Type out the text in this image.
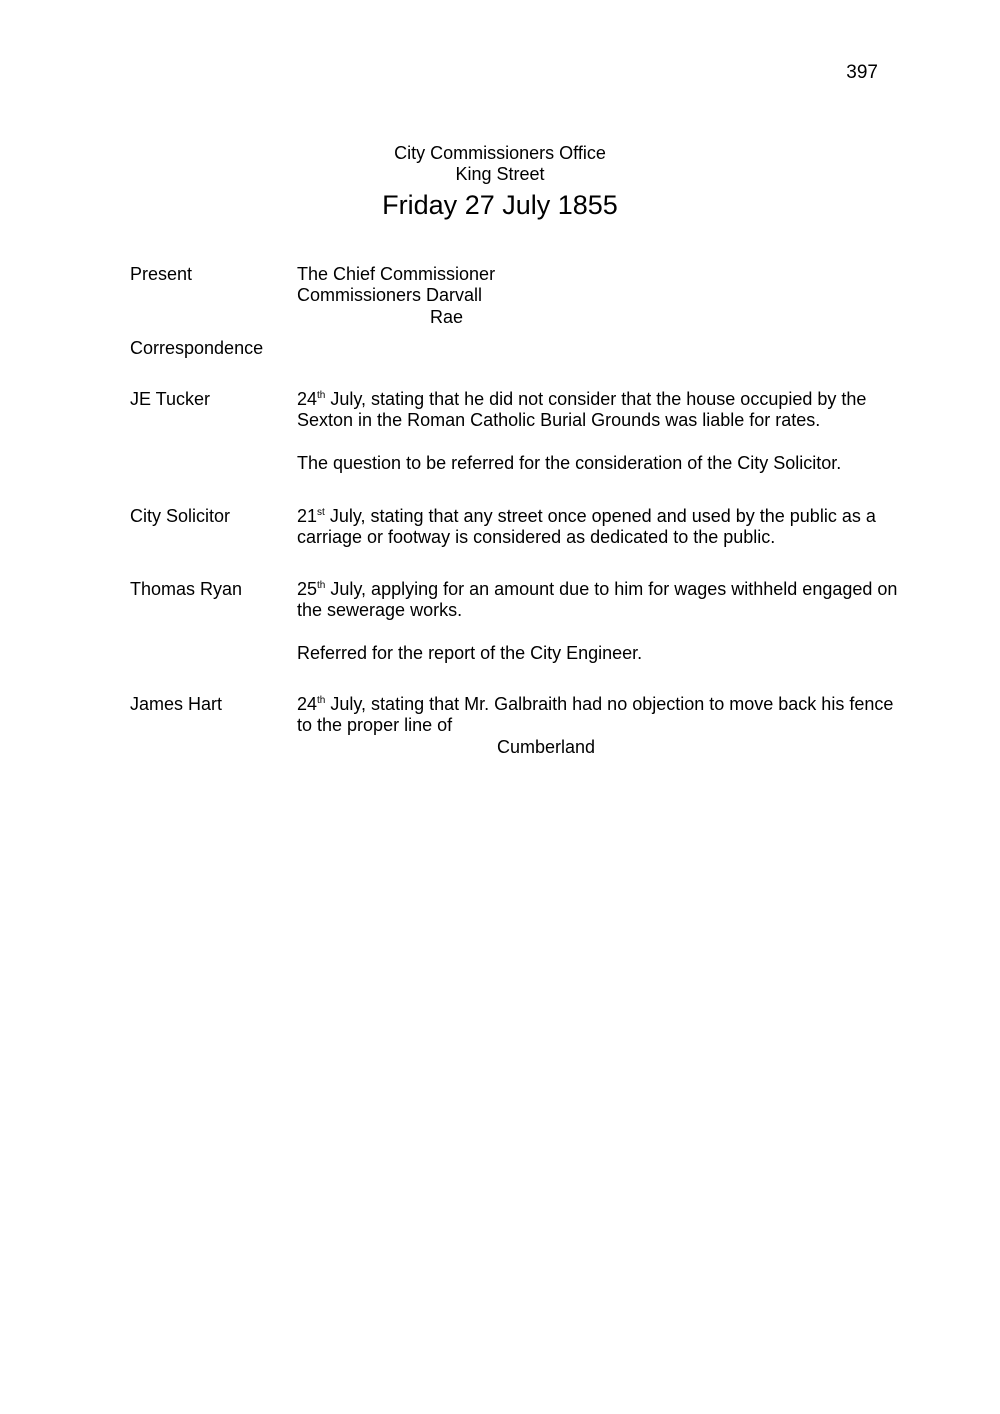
397
City Commissioners Office
King Street
Friday 27 July 1855
Present	The Chief Commissioner
Commissioners Darvall
Rae
Correspondence
JE Tucker	24th July, stating that he did not consider that the house occupied by the Sexton in the Roman Catholic Burial Grounds was liable for rates.
The question to be referred for the consideration of the City Solicitor.
City Solicitor	21st July, stating that any street once opened and used by the public as a carriage or footway is considered as dedicated to the public.
Thomas Ryan	25th July, applying for an amount due to him for wages withheld engaged on the sewerage works.
Referred for the report of the City Engineer.
James Hart	24th July, stating that Mr. Galbraith had no objection to move back his fence to the proper line of
Cumberland
